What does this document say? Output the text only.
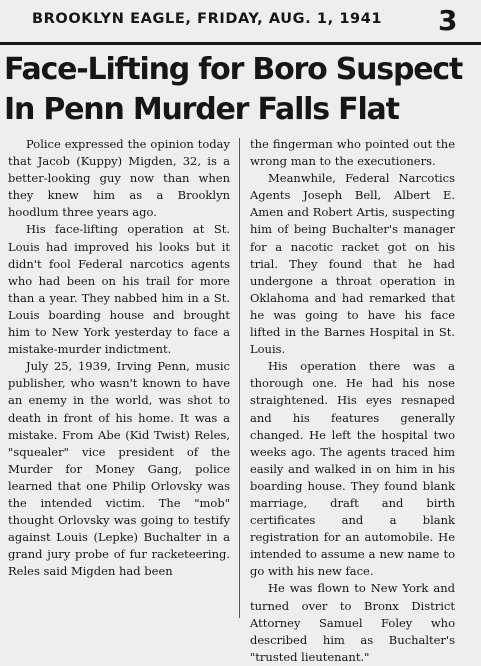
BROOKLYN EAGLE, FRIDAY, AUG. 1, 1941 3
Face-Lifting for Boro Suspect
In Penn Murder Falls Flat

Police expressed the opinion today that Jacob (Kuppy) Migden, 32, is a better-looking guy now than when they knew him as a Brooklyn hoodlum three years ago.

His face-lifting operation at St. Louis had improved his looks but it didn't fool Federal narcotics agents who had been on his trail for more than a year. They nabbed him in a St. Louis boarding house and brought him to New York yesterday to face a mistake-murder indictment.

July 25, 1939, Irving Penn, music publisher, who wasn't known to have an enemy in the world, was shot to death in front of his home. It was a mistake. From Abe (Kid Twist) Reles, "squealer" vice president of the Murder for Money Gang, police learned that one Philip Orlovsky was the intended victim. The "mob" thought Orlovsky was going to testify against Louis (Lepke) Buchalter in a grand jury probe of fur racketeering. Reles said Migden had been

the fingerman who pointed out the wrong man to the executioners.

Meanwhile, Federal Narcotics Agents Joseph Bell, Albert E. Amen and Robert Artis, suspecting him of being Buchalter's manager for a nacotic racket got on his trial. They found that he had undergone a throat operation in Oklahoma and had remarked that he was going to have his face lifted in the Barnes Hospital in St. Louis.

His operation there was a thorough one. He had his nose straightened. His eyes resnaped and his features generally changed. He left the hospital two weeks ago. The agents traced him easily and walked in on him in his boarding house. They found blank marriage, draft and birth certificates and a blank registration for an automobile. He intended to assume a new name to go with his new face.

He was flown to New York and turned over to Bronx District Attorney Samuel Foley who described him as Buchalter's "trusted lieutenant."
